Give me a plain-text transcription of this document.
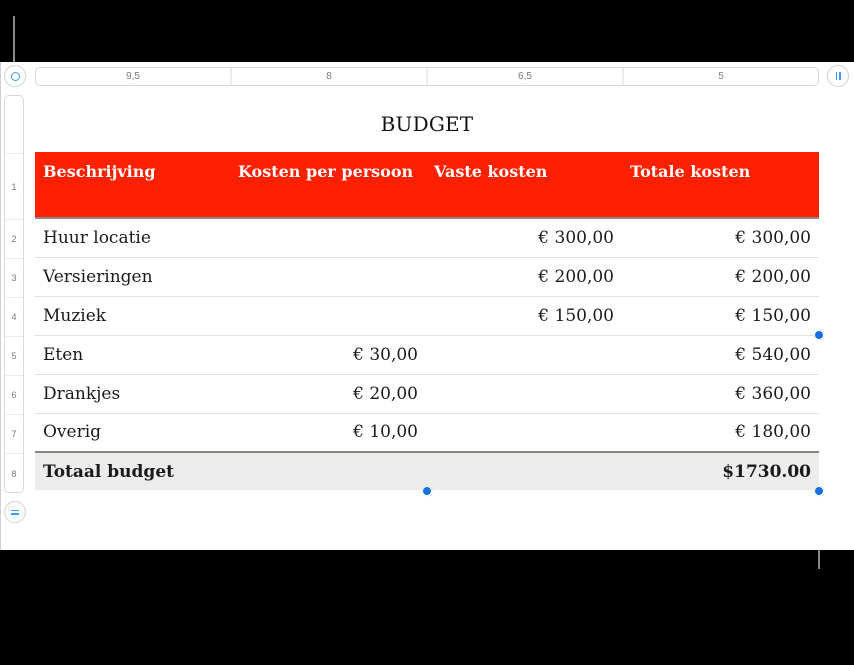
9,5	8	6,5	5
1
2
3
4
5
6
7
8
BUDGET
Beschrijving	Kosten per persoon	Vaste kosten	Totale kosten
Huur locatie		€ 300,00	€ 300,00
Versieringen		€ 200,00	€ 200,00
Muziek		€ 150,00	€ 150,00
Eten	€ 30,00		€ 540,00
Drankjes	€ 20,00		€ 360,00
Overig	€ 10,00		€ 180,00
Totaal budget			$1730.00
